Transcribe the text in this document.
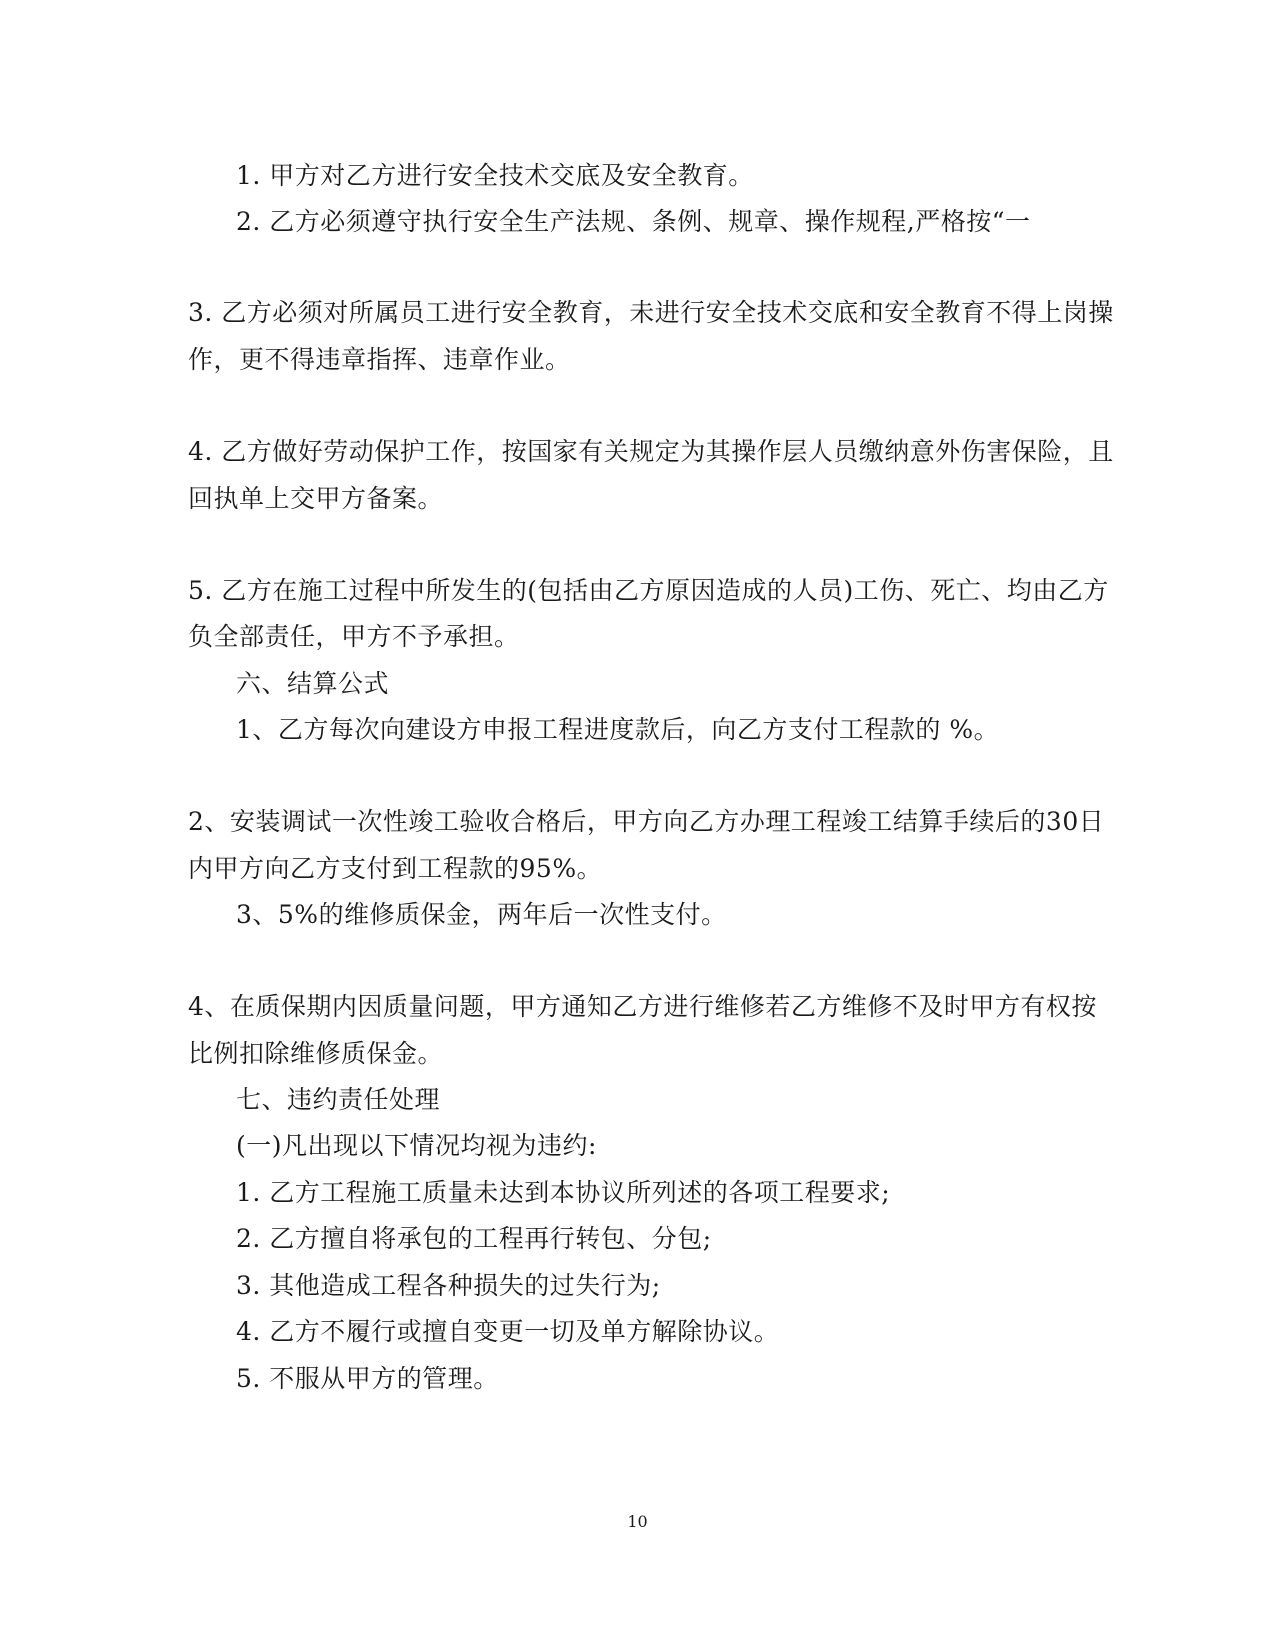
1. 甲方对乙方进行安全技术交底及安全教育。
2. 乙方必须遵守执行安全生产法规、条例、规章、操作规程,严格按“一
3. 乙方必须对所属员工进行安全教育，未进行安全技术交底和安全教育不得上岗操
作，更不得违章指挥、违章作业。
4. 乙方做好劳动保护工作，按国家有关规定为其操作层人员缴纳意外伤害保险，且
回执单上交甲方备案。
5. 乙方在施工过程中所发生的(包括由乙方原因造成的人员)工伤、死亡、均由乙方
负全部责任，甲方不予承担。
六、结算公式
1、乙方每次向建设方申报工程进度款后，向乙方支付工程款的 %。
2、安装调试一次性竣工验收合格后，甲方向乙方办理工程竣工结算手续后的30日
内甲方向乙方支付到工程款的95%。
3、5%的维修质保金，两年后一次性支付。
4、在质保期内因质量问题，甲方通知乙方进行维修若乙方维修不及时甲方有权按
比例扣除维修质保金。
七、违约责任处理
(一)凡出现以下情况均视为违约:
1. 乙方工程施工质量未达到本协议所列述的各项工程要求;
2. 乙方擅自将承包的工程再行转包、分包;
3. 其他造成工程各种损失的过失行为;
4. 乙方不履行或擅自变更一切及单方解除协议。
5. 不服从甲方的管理。
10
